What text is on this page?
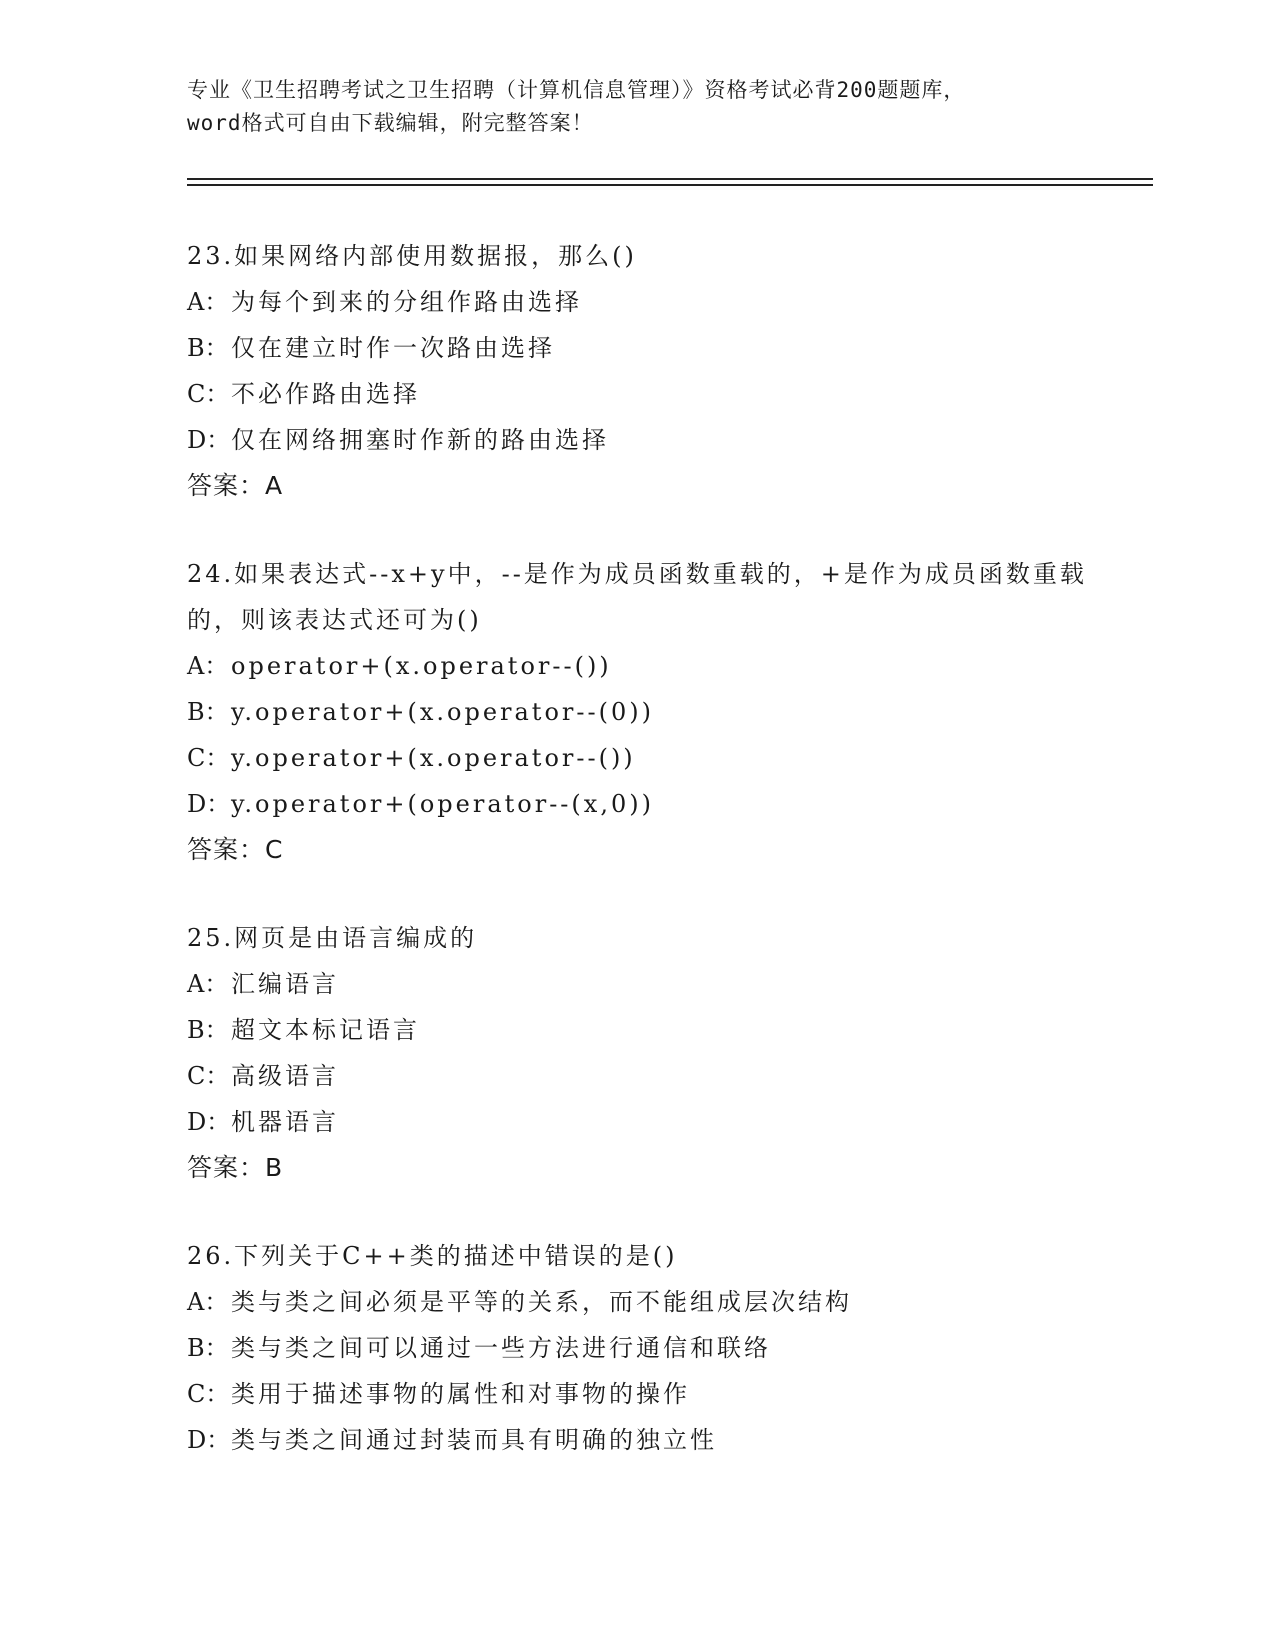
专业《卫生招聘考试之卫生招聘（计算机信息管理）》资格考试必背200题题库，
word格式可自由下载编辑，附完整答案！
23.如果网络内部使用数据报，那么()
A： 为每个到来的分组作路由选择
B：仅在建立时作一次路由选择
C：不必作路由选择
D：仅在网络拥塞时作新的路由选择
答案：A
24.如果表达式--x+y中，--是作为成员函数重载的，+是作为成员函数重载的，则该表达式还可为()
A： operator+(x.operator--())
B：y.operator+(x.operator--(0))
C：y.operator+(x.operator--())
D：y.operator+(operator--(x,0))
答案：C
25.网页是由语言编成的
A： 汇编语言
B：超文本标记语言
C：高级语言
D：机器语言
答案：B
26.下列关于C++类的描述中错误的是()
A： 类与类之间必须是平等的关系，而不能组成层次结构
B：类与类之间可以通过一些方法进行通信和联络
C：类用于描述事物的属性和对事物的操作
D：类与类之间通过封装而具有明确的独立性
